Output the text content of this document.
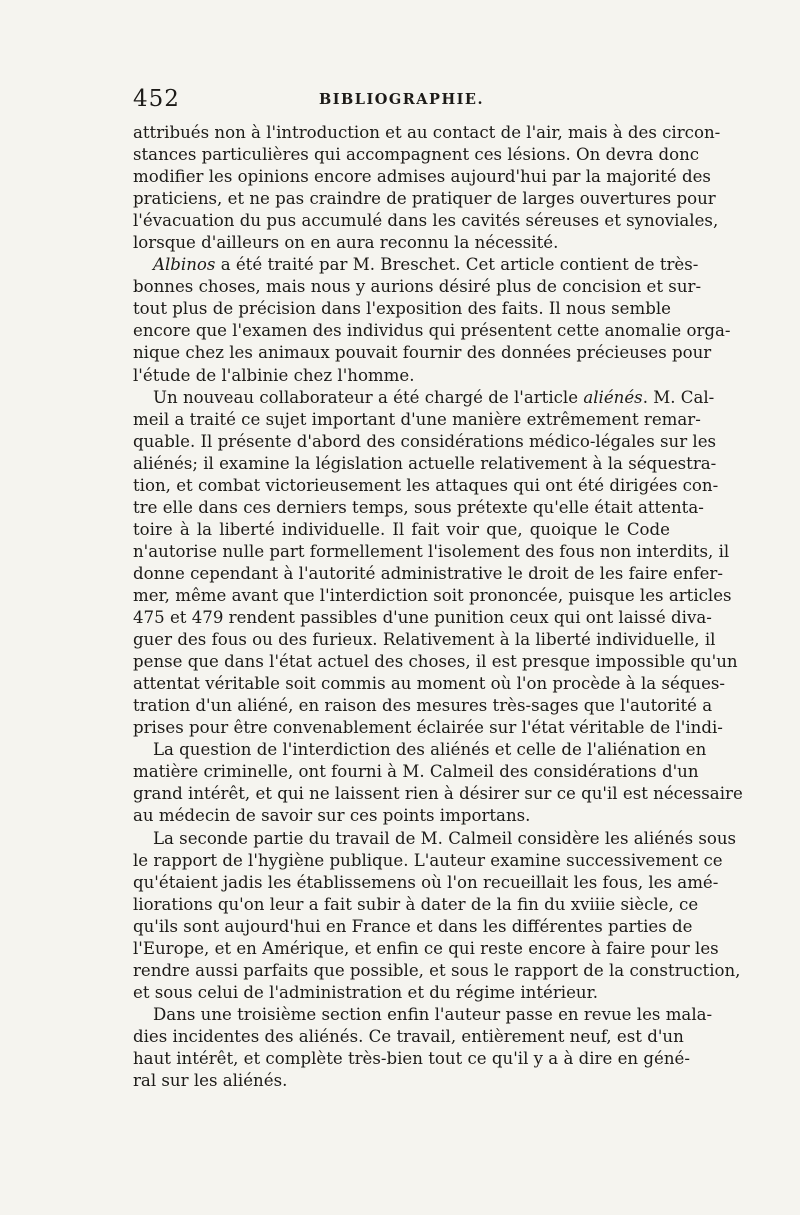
452	BIBLIOGRAPHIE.
attribués non à l'introduction et au contact de l'air, mais à des circon-
stances particulières qui accompagnent ces lésions. On devra donc
modifier les opinions encore admises aujourd'hui par la majorité des
praticiens, et ne pas craindre de pratiquer de larges ouvertures pour
l'évacuation du pus accumulé dans les cavités séreuses et synoviales,
lorsque d'ailleurs on en aura reconnu la nécessité.
Albinos a été traité par M. Breschet. Cet article contient de très-
bonnes choses, mais nous y aurions désiré plus de concision et sur-
tout plus de précision dans l'exposition des faits. Il nous semble
encore que l'examen des individus qui présentent cette anomalie orga-
nique chez les animaux pouvait fournir des données précieuses pour
l'étude de l'albinie chez l'homme.
Un nouveau collaborateur a été chargé de l'article aliénés. M. Cal-
meil a traité ce sujet important d'une manière extrêmement remar-
quable. Il présente d'abord des considérations médico-légales sur les
aliénés; il examine la législation actuelle relativement à la séquestra-
tion, et combat victorieusement les attaques qui ont été dirigées con-
tre elle dans ces derniers temps, sous prétexte qu'elle était attenta-
toire à la liberté individuelle. Il fait voir que, quoique le Code
n'autorise nulle part formellement l'isolement des fous non interdits, il
donne cependant à l'autorité administrative le droit de les faire enfer-
mer, même avant que l'interdiction soit prononcée, puisque les articles
475 et 479 rendent passibles d'une punition ceux qui ont laissé diva-
guer des fous ou des furieux. Relativement à la liberté individuelle, il
pense que dans l'état actuel des choses, il est presque impossible qu'un
attentat véritable soit commis au moment où l'on procède à la séques-
tration d'un aliéné, en raison des mesures très-sages que l'autorité a
prises pour être convenablement éclairée sur l'état véritable de l'indi-
La question de l'interdiction des aliénés et celle de l'aliénation en
matière criminelle, ont fourni à M. Calmeil des considérations d'un
grand intérêt, et qui ne laissent rien à désirer sur ce qu'il est nécessaire
au médecin de savoir sur ces points importans.
La seconde partie du travail de M. Calmeil considère les aliénés sous
le rapport de l'hygiène publique. L'auteur examine successivement ce
qu'étaient jadis les établissemens où l'on recueillait les fous, les amé-
liorations qu'on leur a fait subir à dater de la fin du xviiie siècle, ce
qu'ils sont aujourd'hui en France et dans les différentes parties de
l'Europe, et en Amérique, et enfin ce qui reste encore à faire pour les
rendre aussi parfaits que possible, et sous le rapport de la construction,
et sous celui de l'administration et du régime intérieur.
Dans une troisième section enfin l'auteur passe en revue les mala-
dies incidentes des aliénés. Ce travail, entièrement neuf, est d'un
haut intérêt, et complète très-bien tout ce qu'il y a à dire en géné-
ral sur les aliénés.
